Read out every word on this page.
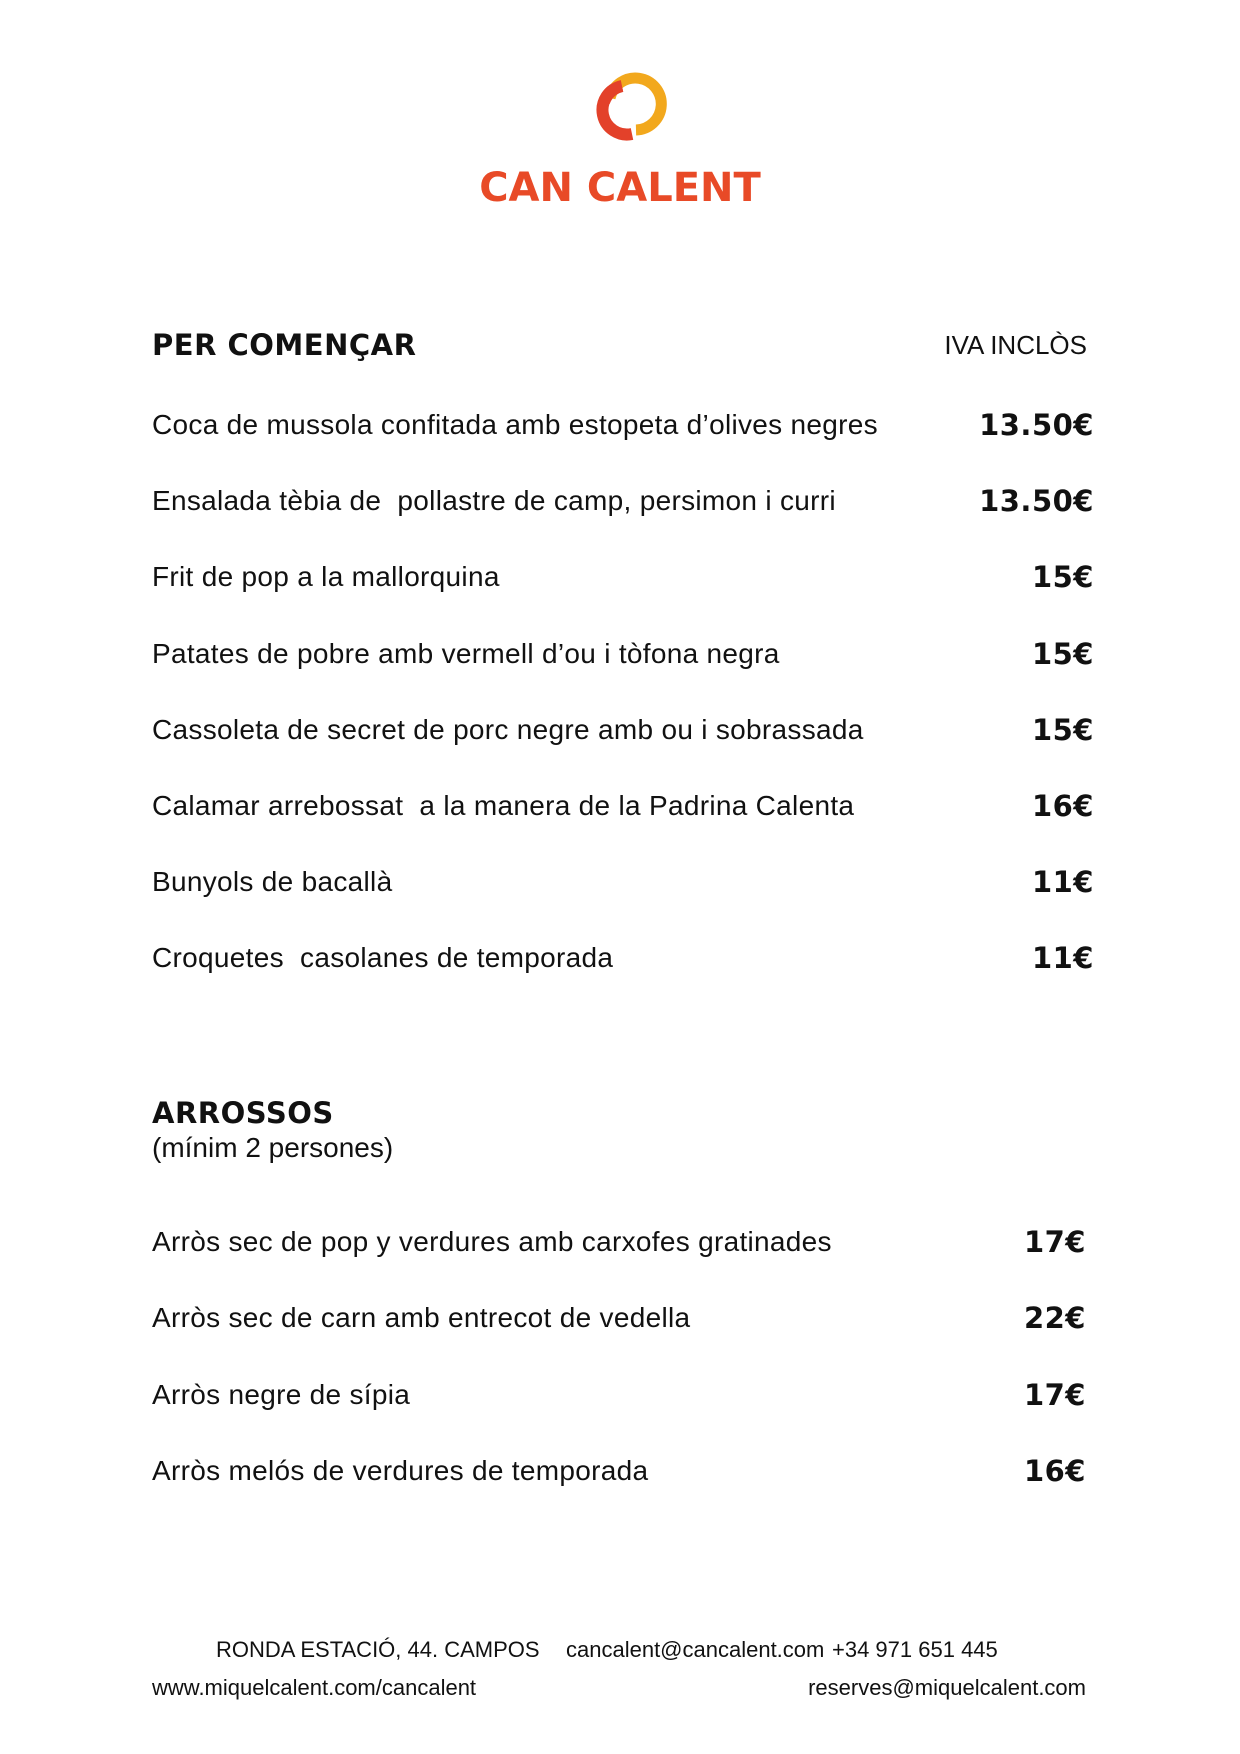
CAN CALENT
PER COMENÇAR	IVA INCLÒS
Coca de mussola confitada amb estopeta d’olives negres	13.50€
Ensalada tèbia de  pollastre de camp, persimon i curri	13.50€
Frit de pop a la mallorquina	15€
Patates de pobre amb vermell d’ou i tòfona negra	15€
Cassoleta de secret de porc negre amb ou i sobrassada	15€
Calamar arrebossat  a la manera de la Padrina Calenta	16€
Bunyols de bacallà	11€
Croquetes  casolanes de temporada	11€
ARROSSOS
(mínim 2 persones)
Arròs sec de pop y verdures amb carxofes gratinades	17€
Arròs sec de carn amb entrecot de vedella	22€
Arròs negre de sípia	17€
Arròs melós de verdures de temporada	16€
RONDA ESTACIÓ, 44. CAMPOS cancalent@cancalent.com +34 971 651 445
www.miquelcalent.com/cancalent	reserves@miquelcalent.com
